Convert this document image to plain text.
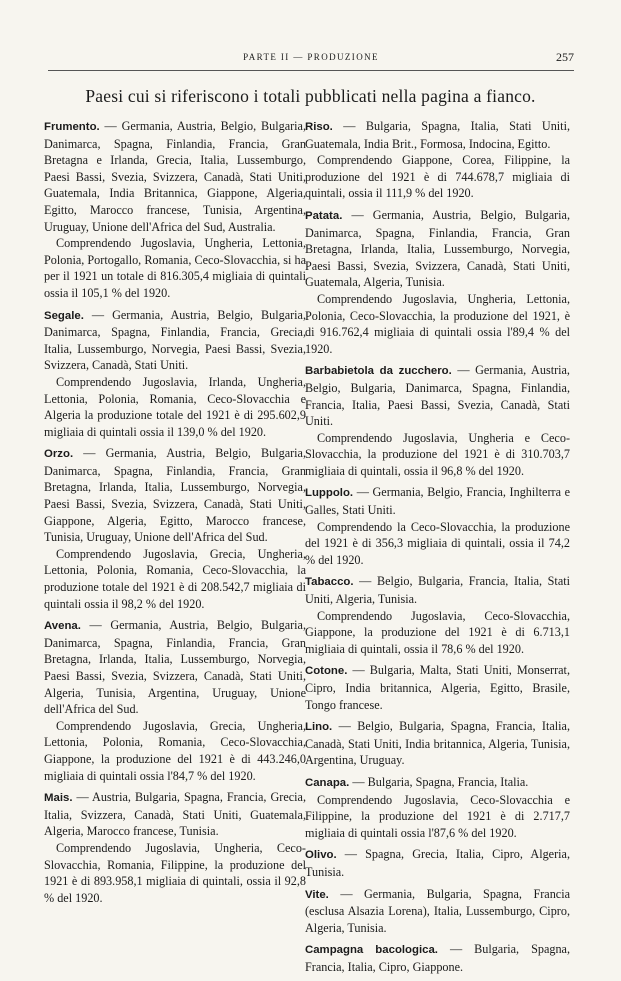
PARTE II — PRODUZIONE	257
Paesi cui si riferiscono i totali pubblicati nella pagina a fianco.

Frumento. — Germania, Austria, Belgio, Bulgaria, Danimarca, Spagna, Finlandia, Francia, Gran Bretagna e Irlanda, Grecia, Italia, Lussemburgo, Paesi Bassi, Svezia, Svizzera, Canadà, Stati Uniti, Guatemala, India Britannica, Giappone, Algeria, Egitto, Marocco francese, Tunisia, Argentina, Uruguay, Unione dell'Africa del Sud, Australia.

Comprendendo Jugoslavia, Ungheria, Lettonia, Polonia, Portogallo, Romania, Ceco-Slovacchia, si ha per il 1921 un totale di 816.305,4 migliaia di quintali ossia il 105,1 % del 1920.

Segale. — Germania, Austria, Belgio, Bulgaria, Danimarca, Spagna, Finlandia, Francia, Grecia, Italia, Lussemburgo, Norvegia, Paesi Bassi, Svezia, Svizzera, Canadà, Stati Uniti.

Comprendendo Jugoslavia, Irlanda, Ungheria, Lettonia, Polonia, Romania, Ceco-Slovacchia e Algeria la produzione totale del 1921 è di 295.602,9 migliaia di quintali ossia il 139,0 % del 1920.

Orzo. — Germania, Austria, Belgio, Bulgaria, Danimarca, Spagna, Finlandia, Francia, Gran Bretagna, Irlanda, Italia, Lussemburgo, Norvegia, Paesi Bassi, Svezia, Svizzera, Canadà, Stati Uniti, Giappone, Algeria, Egitto, Marocco francese, Tunisia, Uruguay, Unione dell'Africa del Sud.

Comprendendo Jugoslavia, Grecia, Ungheria, Lettonia, Polonia, Romania, Ceco-Slovacchia, la produzione totale del 1921 è di 208.542,7 migliaia di quintali ossia il 98,2 % del 1920.

Avena. — Germania, Austria, Belgio, Bulgaria, Danimarca, Spagna, Finlandia, Francia, Gran Bretagna, Irlanda, Italia, Lussemburgo, Norvegia, Paesi Bassi, Svezia, Svizzera, Canadà, Stati Uniti, Algeria, Tunisia, Argentina, Uruguay, Unione dell'Africa del Sud.

Comprendendo Jugoslavia, Grecia, Ungheria, Lettonia, Polonia, Romania, Ceco-Slovacchia, Giappone, la produzione del 1921 è di 443.246,0 migliaia di quintali ossia l'84,7 % del 1920.

Mais. — Austria, Bulgaria, Spagna, Francia, Grecia, Italia, Svizzera, Canadà, Stati Uniti, Guatemala, Algeria, Marocco francese, Tunisia.

Comprendendo Jugoslavia, Ungheria, Ceco-Slovacchia, Romania, Filippine, la produzione del 1921 è di 893.958,1 migliaia di quintali, ossia il 92,8 % del 1920.

Riso. — Bulgaria, Spagna, Italia, Stati Uniti, Guatemala, India Brit., Formosa, Indocina, Egitto.

Comprendendo Giappone, Corea, Filippine, la produzione del 1921 è di 744.678,7 migliaia di quintali, ossia il 111,9 % del 1920.

Patata. — Germania, Austria, Belgio, Bulgaria, Danimarca, Spagna, Finlandia, Francia, Gran Bretagna, Irlanda, Italia, Lussemburgo, Norvegia, Paesi Bassi, Svezia, Svizzera, Canadà, Stati Uniti, Guatemala, Algeria, Tunisia.

Comprendendo Jugoslavia, Ungheria, Lettonia, Polonia, Ceco-Slovacchia, la produzione del 1921, è di 916.762,4 migliaia di quintali ossia l'89,4 % del 1920.

Barbabietola da zucchero. — Germania, Austria, Belgio, Bulgaria, Danimarca, Spagna, Finlandia, Francia, Italia, Paesi Bassi, Svezia, Canadà, Stati Uniti.

Comprendendo Jugoslavia, Ungheria e Ceco-Slovacchia, la produzione del 1921 è di 310.703,7 migliaia di quintali, ossia il 96,8 % del 1920.

Luppolo. — Germania, Belgio, Francia, Inghilterra e Galles, Stati Uniti.

Comprendendo la Ceco-Slovacchia, la produzione del 1921 è di 356,3 migliaia di quintali, ossia il 74,2 % del 1920.

Tabacco. — Belgio, Bulgaria, Francia, Italia, Stati Uniti, Algeria, Tunisia.

Comprendendo Jugoslavia, Ceco-Slovacchia, Giappone, la produzione del 1921 è di 6.713,1 migliaia di quintali, ossia il 78,6 % del 1920.

Cotone. — Bulgaria, Malta, Stati Uniti, Monserrat, Cipro, India britannica, Algeria, Egitto, Brasile, Tongo francese.

Lino. — Belgio, Bulgaria, Spagna, Francia, Italia, Canadà, Stati Uniti, India britannica, Algeria, Tunisia, Argentina, Uruguay.

Canapa. — Bulgaria, Spagna, Francia, Italia.

Comprendendo Jugoslavia, Ceco-Slovacchia e Filippine, la produzione del 1921 è di 2.717,7 migliaia di quintali ossia l'87,6 % del 1920.

Olivo. — Spagna, Grecia, Italia, Cipro, Algeria, Tunisia.

Vite. — Germania, Bulgaria, Spagna, Francia (esclusa Alsazia Lorena), Italia, Lussemburgo, Cipro, Algeria, Tunisia.

Campagna bacologica. — Bulgaria, Spagna, Francia, Italia, Cipro, Giappone.
